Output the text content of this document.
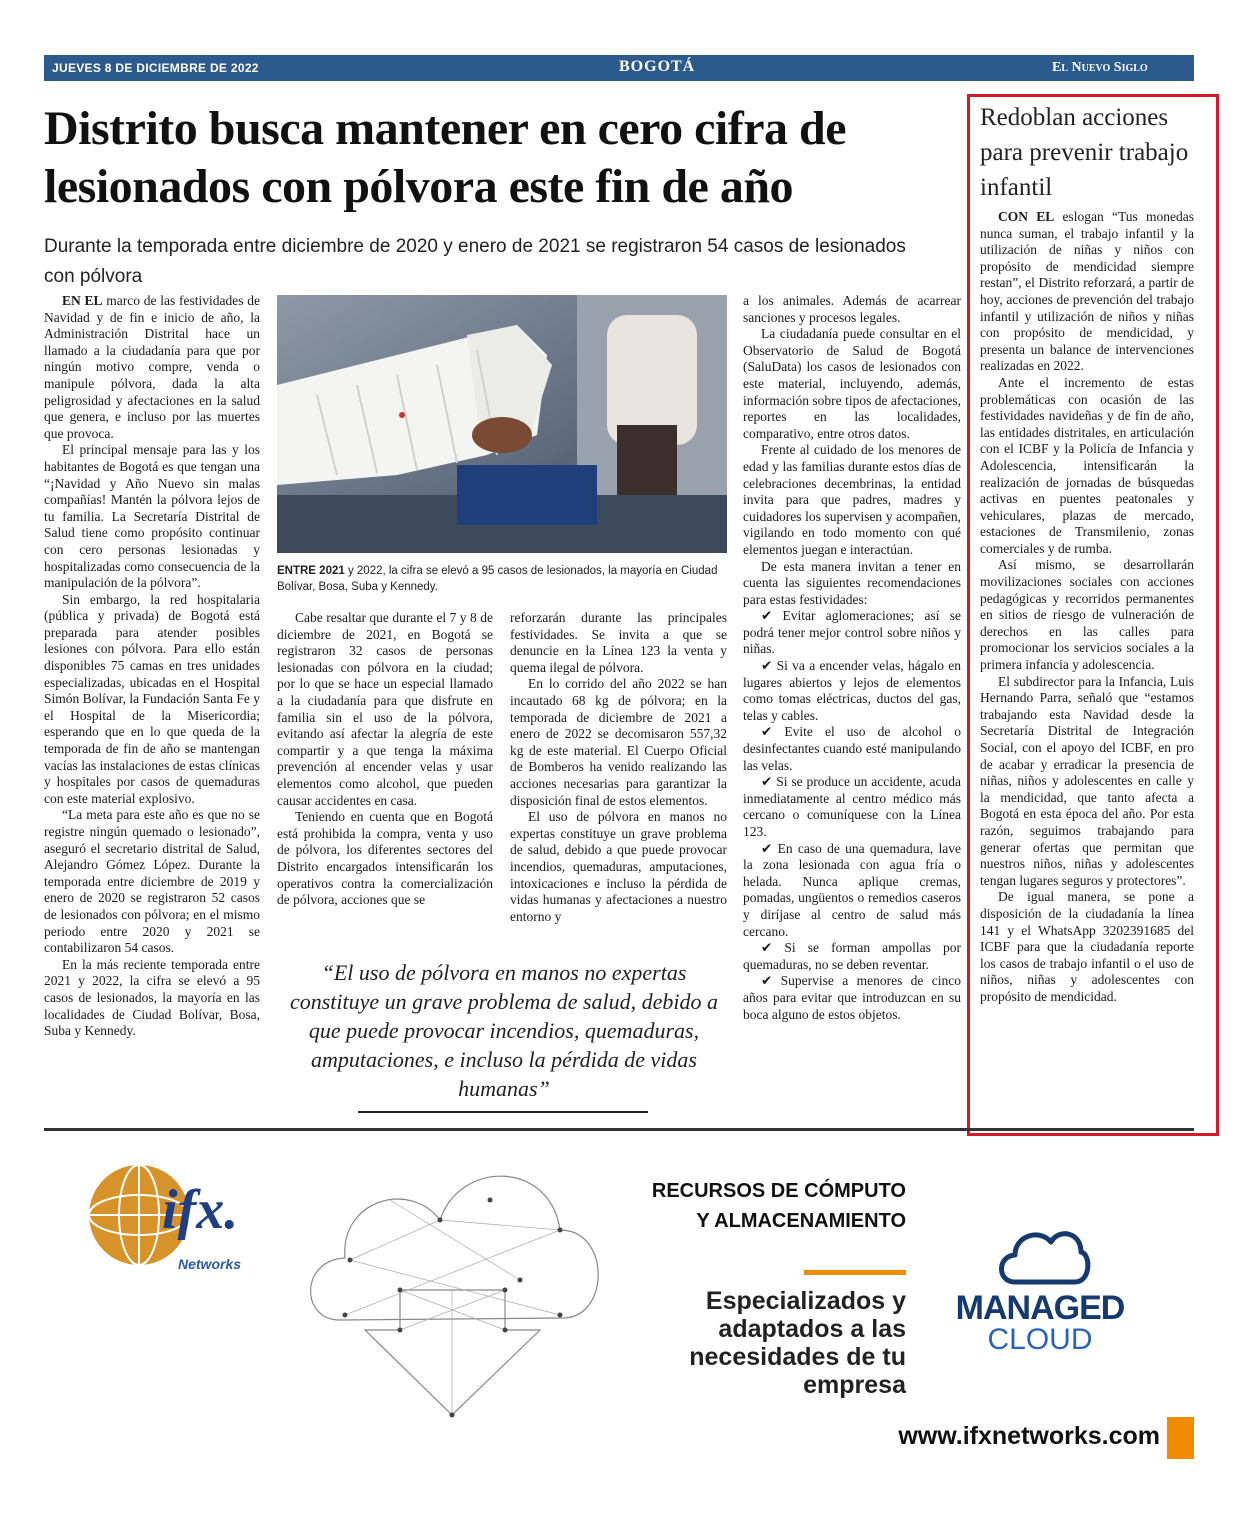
JUEVES 8 DE DICIEMBRE DE 2022	BOGOTÁ	El Nuevo Siglo	5B
Distrito busca mantener en cero cifra de lesionados con pólvora este fin de año

Durante la temporada entre diciembre de 2020 y enero de 2021 se registraron 54 casos de lesionados con pólvora

EN EL marco de las festividades de Navidad y de fin e inicio de año, la Administración Distrital hace un llamado a la ciudadanía para que por ningún motivo compre, venda o manipule pólvora, dada la alta peligrosidad y afectaciones en la salud que genera, e incluso por las muertes que provoca.

El principal mensaje para las y los habitantes de Bogotá es que tengan una “¡Navidad y Año Nuevo sin malas compañías! Mantén la pólvora lejos de tu familia. La Secretaría Distrital de Salud tiene como propósito continuar con cero personas lesionadas y hospitalizadas como consecuencia de la manipulación de la pólvora”.

Sin embargo, la red hospitalaria (pública y privada) de Bogotá está preparada para atender posibles lesiones con pólvora. Para ello están disponibles 75 camas en tres unidades especializadas, ubicadas en el Hospital Simón Bolívar, la Fundación Santa Fe y el Hospital de la Misericordia; esperando que en lo que queda de la temporada de fin de año se mantengan vacías las instalaciones de estas clínicas y hospitales por casos de quemaduras con este material explosivo.

“La meta para este año es que no se registre ningún quemado o lesionado”, aseguró el secretario distrital de Salud, Alejandro Gómez López. Durante la temporada entre diciembre de 2019 y enero de 2020 se registraron 52 casos de lesionados con pólvora; en el mismo periodo entre 2020 y 2021 se contabilizaron 54 casos.

En la más reciente temporada entre 2021 y 2022, la cifra se elevó a 95 casos de lesionados, la mayoría en las localidades de Ciudad Bolívar, Bosa, Suba y Kennedy.

ENTRE 2021 y 2022, la cifra se elevó a 95 casos de lesionados, la mayoría en Ciudad Bolívar, Bosa, Suba y Kennedy.

Cabe resaltar que durante el 7 y 8 de diciembre de 2021, en Bogotá se registraron 32 casos de personas lesionadas con pólvora en la ciudad; por lo que se hace un especial llamado a la ciudadanía para que disfrute en familia sin el uso de la pólvora, evitando así afectar la alegría de este compartir y a que tenga la máxima prevención al encender velas y usar elementos como alcohol, que pueden causar accidentes en casa.

Teniendo en cuenta que en Bogotá está prohibida la compra, venta y uso de pólvora, los diferentes sectores del Distrito encargados intensificarán los operativos contra la comercialización de pólvora, acciones que se

reforzarán durante las principales festividades. Se invita a que se denuncie en la Línea 123 la venta y quema ilegal de pólvora.

En lo corrido del año 2022 se han incautado 68 kg de pólvora; en la temporada de diciembre de 2021 a enero de 2022 se decomisaron 557,32 kg de este material. El Cuerpo Oficial de Bomberos ha venido realizando las acciones necesarias para garantizar la disposición final de estos elementos.

El uso de pólvora en manos no expertas constituye un grave problema de salud, debido a que puede provocar incendios, quemaduras, amputaciones, intoxicaciones e incluso la pérdida de vidas humanas y afectaciones a nuestro entorno y

“El uso de pólvora en manos no expertas constituye un grave problema de salud, debido a que puede provocar incendios, quemaduras, amputaciones, e incluso la pérdida de vidas humanas”

a los animales. Además de acarrear sanciones y procesos legales.

La ciudadanía puede consultar en el Observatorio de Salud de Bogotá (SaluData) los casos de lesionados con este material, incluyendo, además, información sobre tipos de afectaciones, reportes en las localidades, comparativo, entre otros datos.

Frente al cuidado de los menores de edad y las familias durante estos días de celebraciones decembrinas, la entidad invita para que padres, madres y cuidadores los supervisen y acompañen, vigilando en todo momento con qué elementos juegan e interactúan.

De esta manera invitan a tener en cuenta las siguientes recomendaciones para estas festividades:

✔ Evitar aglomeraciones; así se podrá tener mejor control sobre niños y niñas.

✔ Si va a encender velas, hágalo en lugares abiertos y lejos de elementos como tomas eléctricas, ductos del gas, telas y cables.

✔ Evite el uso de alcohol o desinfectantes cuando esté manipulando las velas.

✔ Si se produce un accidente, acuda inmediatamente al centro médico más cercano o comuníquese con la Línea 123.

✔ En caso de una quemadura, lave la zona lesionada con agua fría o helada. Nunca aplique cremas, pomadas, ungüentos o remedios caseros y diríjase al centro de salud más cercano.

✔ Si se forman ampollas por quemaduras, no se deben reventar.

✔ Supervise a menores de cinco años para evitar que introduzcan en su boca alguno de estos objetos.

Redoblan acciones para prevenir trabajo infantil

CON EL eslogan “Tus monedas nunca suman, el trabajo infantil y la utilización de niñas y niños con propósito de mendicidad siempre restan”, el Distrito reforzará, a partir de hoy, acciones de prevención del trabajo infantil y utilización de niños y niñas con propósito de mendicidad, y presenta un balance de intervenciones realizadas en 2022.

Ante el incremento de estas problemáticas con ocasión de las festividades navideñas y de fin de año, las entidades distritales, en articulación con el ICBF y la Policía de Infancia y Adolescencia, intensificarán la realización de jornadas de búsquedas activas en puentes peatonales y vehiculares, plazas de mercado, estaciones de Transmilenio, zonas comerciales y de rumba.

Así mismo, se desarrollarán movilizaciones sociales con acciones pedagógicas y recorridos permanentes en sitios de riesgo de vulneración de derechos en las calles para promocionar los servicios sociales a la primera infancia y adolescencia.

El subdirector para la Infancia, Luis Hernando Parra, señaló que “estamos trabajando esta Navidad desde la Secretaría Distrital de Integración Social, con el apoyo del ICBF, en pro de acabar y erradicar la presencia de niñas, niños y adolescentes en calle y la mendicidad, que tanto afecta a Bogotá en esta época del año. Por esta razón, seguimos trabajando para generar ofertas que permitan que nuestros niños, niñas y adolescentes tengan lugares seguros y protectores”.

De igual manera, se pone a disposición de la ciudadanía la línea 141 y el WhatsApp 3202391685 del ICBF para que la ciudadanía reporte los casos de trabajo infantil o el uso de niños, niñas y adolescentes con propósito de mendicidad.

ifx.
Networks
RECURSOS DE CÓMPUTO Y ALMACENAMIENTO
Especializados y adaptados a las necesidades de tu empresa
MANAGED
CLOUD
www.ifxnetworks.com
